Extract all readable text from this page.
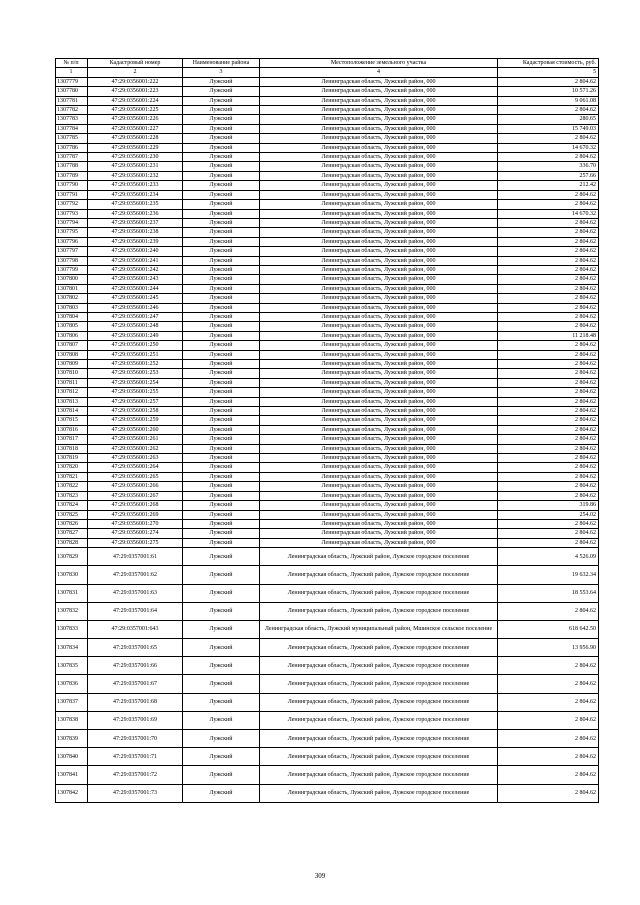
№ п/п	Кадастровый номер	Наименование района	Местоположение земельного участка	Кадастровая стоимость, руб.
1	2	3	4	5
1307779	47:29:0356001:222	Лужский	Ленинградская область, Лужский район, 000	2 804.62
1307780	47:29:0356001:223	Лужский	Ленинградская область, Лужский район, 000	10 571.26
1307781	47:29:0356001:224	Лужский	Ленинградская область, Лужский район, 000	9 061.08
1307782	47:29:0356001:225	Лужский	Ленинградская область, Лужский район, 000	2 804.62
1307783	47:29:0356001:226	Лужский	Ленинградская область, Лужский район, 000	280.65
1307784	47:29:0356001:227	Лужский	Ленинградская область, Лужский район, 000	15 749.03
1307785	47:29:0356001:228	Лужский	Ленинградская область, Лужский район, 000	2 804.62
1307786	47:29:0356001:229	Лужский	Ленинградская область, Лужский район, 000	14 670.32
1307787	47:29:0356001:230	Лужский	Ленинградская область, Лужский район, 000	2 804.62
1307788	47:29:0356001:231	Лужский	Ленинградская область, Лужский район, 000	336.70
1307789	47:29:0356001:232	Лужский	Ленинградская область, Лужский район, 000	257.66
1307790	47:29:0356001:233	Лужский	Ленинградская область, Лужский район, 000	212.42
1307791	47:29:0356001:234	Лужский	Ленинградская область, Лужский район, 000	2 804.62
1307792	47:29:0356001:235	Лужский	Ленинградская область, Лужский район, 000	2 804.62
1307793	47:29:0356001:236	Лужский	Ленинградская область, Лужский район, 000	14 670.32
1307794	47:29:0356001:237	Лужский	Ленинградская область, Лужский район, 000	2 804.62
1307795	47:29:0356001:238	Лужский	Ленинградская область, Лужский район, 000	2 804.62
1307796	47:29:0356001:239	Лужский	Ленинградская область, Лужский район, 000	2 804.62
1307797	47:29:0356001:240	Лужский	Ленинградская область, Лужский район, 000	2 804.62
1307798	47:29:0356001:241	Лужский	Ленинградская область, Лужский район, 000	2 804.62
1307799	47:29:0356001:242	Лужский	Ленинградская область, Лужский район, 000	2 804.62
1307800	47:29:0356001:243	Лужский	Ленинградская область, Лужский район, 000	2 804.62
1307801	47:29:0356001:244	Лужский	Ленинградская область, Лужский район, 000	2 804.62
1307802	47:29:0356001:245	Лужский	Ленинградская область, Лужский район, 000	2 804.62
1307803	47:29:0356001:246	Лужский	Ленинградская область, Лужский район, 000	2 804.62
1307804	47:29:0356001:247	Лужский	Ленинградская область, Лужский район, 000	2 804.62
1307805	47:29:0356001:248	Лужский	Ленинградская область, Лужский район, 000	2 804.62
1307806	47:29:0356001:249	Лужский	Ленинградская область, Лужский район, 000	11 218.48
1307807	47:29:0356001:250	Лужский	Ленинградская область, Лужский район, 000	2 804.62
1307808	47:29:0356001:251	Лужский	Ленинградская область, Лужский район, 000	2 804.62
1307809	47:29:0356001:252	Лужский	Ленинградская область, Лужский район, 000	2 804.62
1307810	47:29:0356001:253	Лужский	Ленинградская область, Лужский район, 000	2 804.62
1307811	47:29:0356001:254	Лужский	Ленинградская область, Лужский район, 000	2 804.62
1307812	47:29:0356001:255	Лужский	Ленинградская область, Лужский район, 000	2 804.62
1307813	47:29:0356001:257	Лужский	Ленинградская область, Лужский район, 000	2 804.62
1307814	47:29:0356001:258	Лужский	Ленинградская область, Лужский район, 000	2 804.62
1307815	47:29:0356001:259	Лужский	Ленинградская область, Лужский район, 000	2 804.62
1307816	47:29:0356001:260	Лужский	Ленинградская область, Лужский район, 000	2 804.62
1307817	47:29:0356001:261	Лужский	Ленинградская область, Лужский район, 000	2 804.62
1307818	47:29:0356001:262	Лужский	Ленинградская область, Лужский район, 000	2 804.62
1307819	47:29:0356001:263	Лужский	Ленинградская область, Лужский район, 000	2 804.62
1307820	47:29:0356001:264	Лужский	Ленинградская область, Лужский район, 000	2 804.62
1307821	47:29:0356001:265	Лужский	Ленинградская область, Лужский район, 000	2 804.62
1307822	47:29:0356001:266	Лужский	Ленинградская область, Лужский район, 000	2 804.62
1307823	47:29:0356001:267	Лужский	Ленинградская область, Лужский район, 000	2 804.62
1307824	47:29:0356001:268	Лужский	Ленинградская область, Лужский район, 000	319.86
1307825	47:29:0356001:269	Лужский	Ленинградская область, Лужский район, 000	254.02
1307826	47:29:0356001:270	Лужский	Ленинградская область, Лужский район, 000	2 804.62
1307827	47:29:0356001:274	Лужский	Ленинградская область, Лужский район, 000	2 804.62
1307828	47:29:0356001:275	Лужский	Ленинградская область, Лужский район, 000	2 804.62
1307829	47:29:0357001:61	Лужский	Ленинградская область, Лужский район, Лужское городское поселение	4 526.09
1307830	47:29:0357001:62	Лужский	Ленинградская область, Лужский район, Лужское городское поселение	19 632.34
1307831	47:29:0357001:63	Лужский	Ленинградская область, Лужский район, Лужское городское поселение	18 553.64
1307832	47:29:0357001:64	Лужский	Ленинградская область, Лужский район, Лужское городское поселение	2 804.62
1307833	47:29:0357001:643	Лужский	Ленинградская область, Лужский муниципальный район, Мшинское сельское поселение	618 642.50
1307834	47:29:0357001:65	Лужский	Ленинградская область, Лужский район, Лужское городское поселение	13 956.90
1307835	47:29:0357001:66	Лужский	Ленинградская область, Лужский район, Лужское городское поселение	2 804.62
1307836	47:29:0357001:67	Лужский	Ленинградская область, Лужский район, Лужское городское поселение	2 804.62
1307837	47:29:0357001:68	Лужский	Ленинградская область, Лужский район, Лужское городское поселение	2 804.62
1307838	47:29:0357001:69	Лужский	Ленинградская область, Лужский район, Лужское городское поселение	2 804.62
1307839	47:29:0357001:70	Лужский	Ленинградская область, Лужский район, Лужское городское поселение	2 804.62
1307840	47:29:0357001:71	Лужский	Ленинградская область, Лужский район, Лужское городское поселение	2 804.62
1307841	47:29:0357001:72	Лужский	Ленинградская область, Лужский район, Лужское городское поселение	2 804.62
1307842	47:29:0357001:73	Лужский	Ленинградская область, Лужский район, Лужское городское поселение	2 804.62
309
